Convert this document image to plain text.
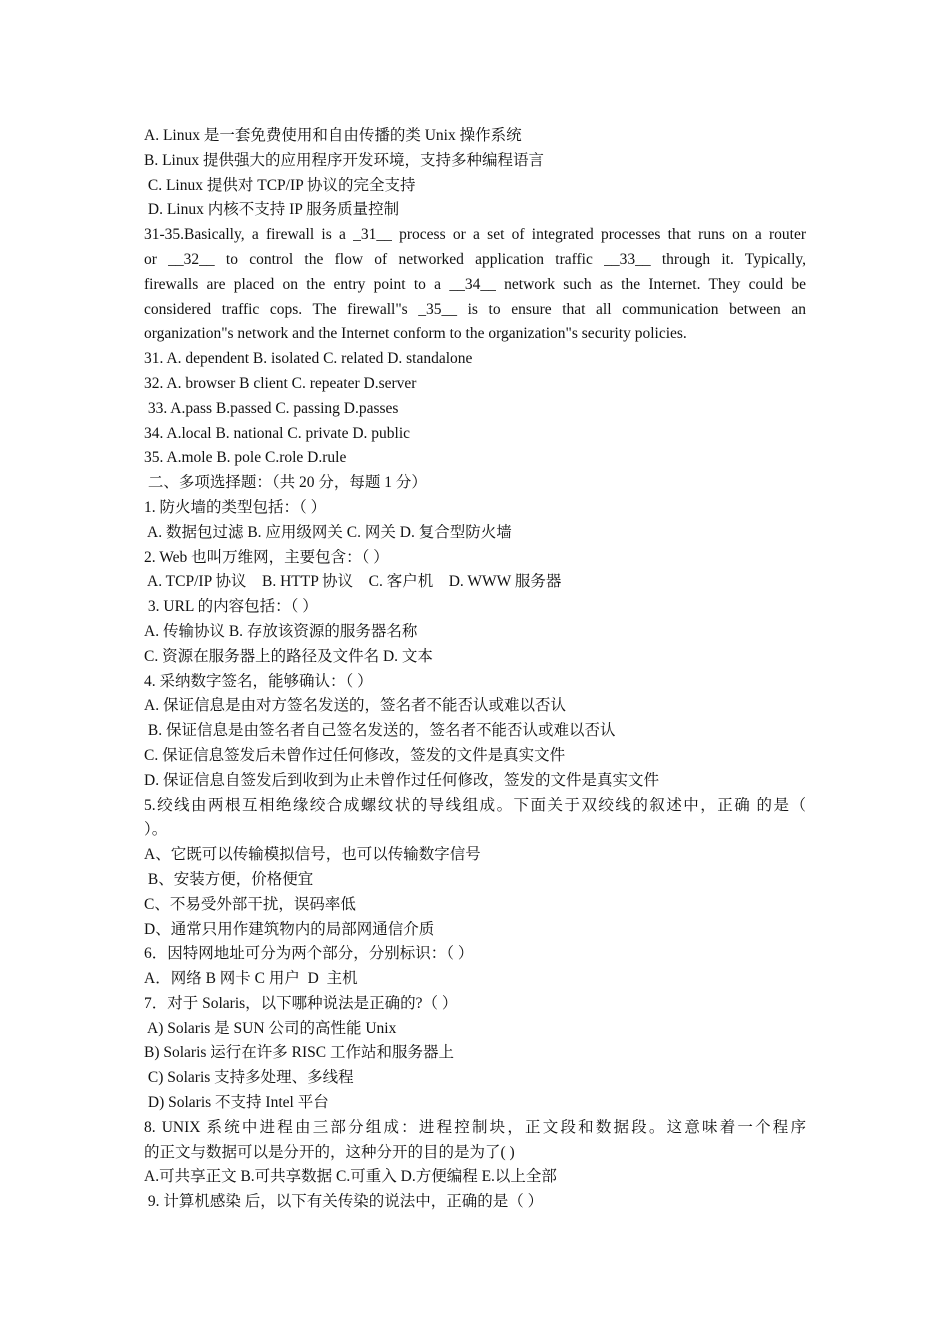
A. Linux 是一套免费使用和自由传播的类 Unix 操作系统
B. Linux 提供强大的应用程序开发环境，支持多种编程语言
C. Linux 提供对 TCP/IP 协议的完全支持
D. Linux 内核不支持 IP 服务质量控制
31-35.Basically, a firewall is a _31__ process or a set of integrated processes that runs on a router
or __32__ to control the flow of networked application traffic __33__ through it. Typically,
firewalls are placed on the entry point to a __34__ network such as the Internet. They could be
considered traffic cops. The firewall"s _35__ is to ensure that all communication between an
organization"s network and the Internet conform to the organization"s security policies.
31. A. dependent B. isolated C. related D. standalone
32. A. browser B client C. repeater D.server
33. A.pass B.passed C. passing D.passes
34. A.local B. national C. private D. public
35. A.mole B. pole C.role D.rule
二、多项选择题：（共 20 分，每题 1 分）
1. 防火墙的类型包括：（ ）
A. 数据包过滤 B. 应用级网关 C. 网关 D. 复合型防火墙
2. Web 也叫万维网，主要包含：（ ）
A. TCP/IP 协议    B. HTTP 协议    C. 客户机    D. WWW 服务器
3. URL 的内容包括：（ ）
A. 传输协议 B. 存放该资源的服务器名称
C. 资源在服务器上的路径及文件名 D. 文本
4. 采纳数字签名，能够确认：（ ）
A. 保证信息是由对方签名发送的，签名者不能否认或难以否认
B. 保证信息是由签名者自己签名发送的，签名者不能否认或难以否认
C. 保证信息签发后未曾作过任何修改，签发的文件是真实文件
D. 保证信息自签发后到收到为止未曾作过任何修改，签发的文件是真实文件
5.绞线由两根互相绝缘绞合成螺纹状的导线组成。下面关于双绞线的叙述中，正确 的是（
）。
A、它既可以传输模拟信号，也可以传输数字信号
B、安装方便，价格便宜
C、不易受外部干扰，误码率低
D、通常只用作建筑物内的局部网通信介质
6．因特网地址可分为两个部分，分别标识：（ ）
A．网络 B 网卡 C 用户  D  主机
7．对于 Solaris，以下哪种说法是正确的?（ ）
A) Solaris 是 SUN 公司的高性能 Unix
B) Solaris 运行在许多 RISC 工作站和服务器上
C) Solaris 支持多处理、多线程
D) Solaris 不支持 Intel 平台
8. UNIX 系统中进程由三部分组成：进程控制块，正文段和数据段。这意味着一个程序
的正文与数据可以是分开的，这种分开的目的是为了( )
A.可共享正文 B.可共享数据 C.可重入 D.方便编程 E.以上全部
9. 计算机感染 后，以下有关传染的说法中，正确的是（ ）
